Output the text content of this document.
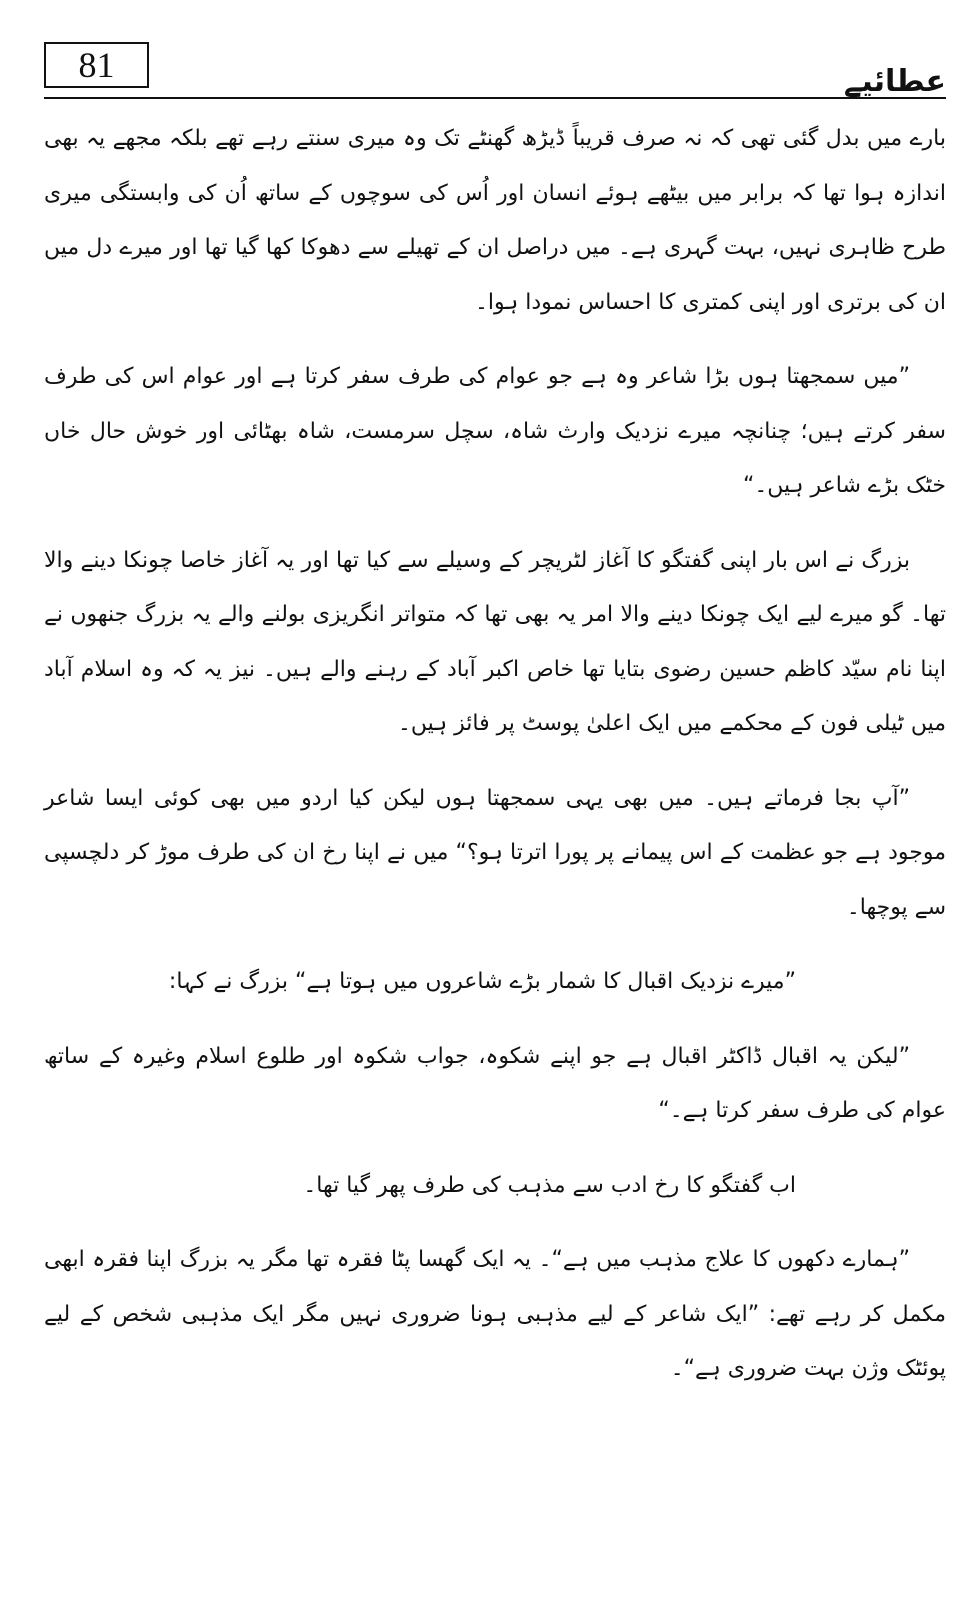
81	عطائیے

بارے میں بدل گئی تھی کہ نہ صرف قریباً ڈیڑھ گھنٹے تک وہ میری سنتے رہے تھے بلکہ مجھے یہ بھی اندازہ ہوا تھا کہ برابر میں بیٹھے ہوئے انسان اور اُس کی سوچوں کے ساتھ اُن کی وابستگی میری طرح ظاہری نہیں، بہت گہری ہے۔ میں دراصل ان کے تھیلے سے دھوکا کھا گیا تھا اور میرے دل میں ان کی برتری اور اپنی کمتری کا احساس نمودا ہوا۔

”میں سمجھتا ہوں بڑا شاعر وہ ہے جو عوام کی طرف سفر کرتا ہے اور عوام اس کی طرف سفر کرتے ہیں؛ چنانچہ میرے نزدیک وارث شاہ، سچل سرمست، شاہ بھٹائی اور خوش حال خاں خٹک بڑے شاعر ہیں۔“

بزرگ نے اس بار اپنی گفتگو کا آغاز لٹریچر کے وسیلے سے کیا تھا اور یہ آغاز خاصا چونکا دینے والا تھا۔ گو میرے لیے ایک چونکا دینے والا امر یہ بھی تھا کہ متواتر انگریزی بولنے والے یہ بزرگ جنھوں نے اپنا نام سیّد کاظم حسین رضوی بتایا تھا خاص اکبر آباد کے رہنے والے ہیں۔ نیز یہ کہ وہ اسلام آباد میں ٹیلی فون کے محکمے میں ایک اعلیٰ پوسٹ پر فائز ہیں۔

”آپ بجا فرماتے ہیں۔ میں بھی یہی سمجھتا ہوں لیکن کیا اردو میں بھی کوئی ایسا شاعر موجود ہے جو عظمت کے اس پیمانے پر پورا اترتا ہو؟“ میں نے اپنا رخ ان کی طرف موڑ کر دلچسپی سے پوچھا۔

”میرے نزدیک اقبال کا شمار بڑے شاعروں میں ہوتا ہے“ بزرگ نے کہا:

”لیکن یہ اقبال ڈاکٹر اقبال ہے جو اپنے شکوہ، جواب شکوہ اور طلوع اسلام وغیرہ کے ساتھ عوام کی طرف سفر کرتا ہے۔“

اب گفتگو کا رخ ادب سے مذہب کی طرف پھر گیا تھا۔

”ہمارے دکھوں کا علاج مذہب میں ہے“۔ یہ ایک گھسا پٹا فقرہ تھا مگر یہ بزرگ اپنا فقرہ ابھی مکمل کر رہے تھے: ”ایک شاعر کے لیے مذہبی ہونا ضروری نہیں مگر ایک مذہبی شخص کے لیے پوئٹک وژن بہت ضروری ہے“۔
